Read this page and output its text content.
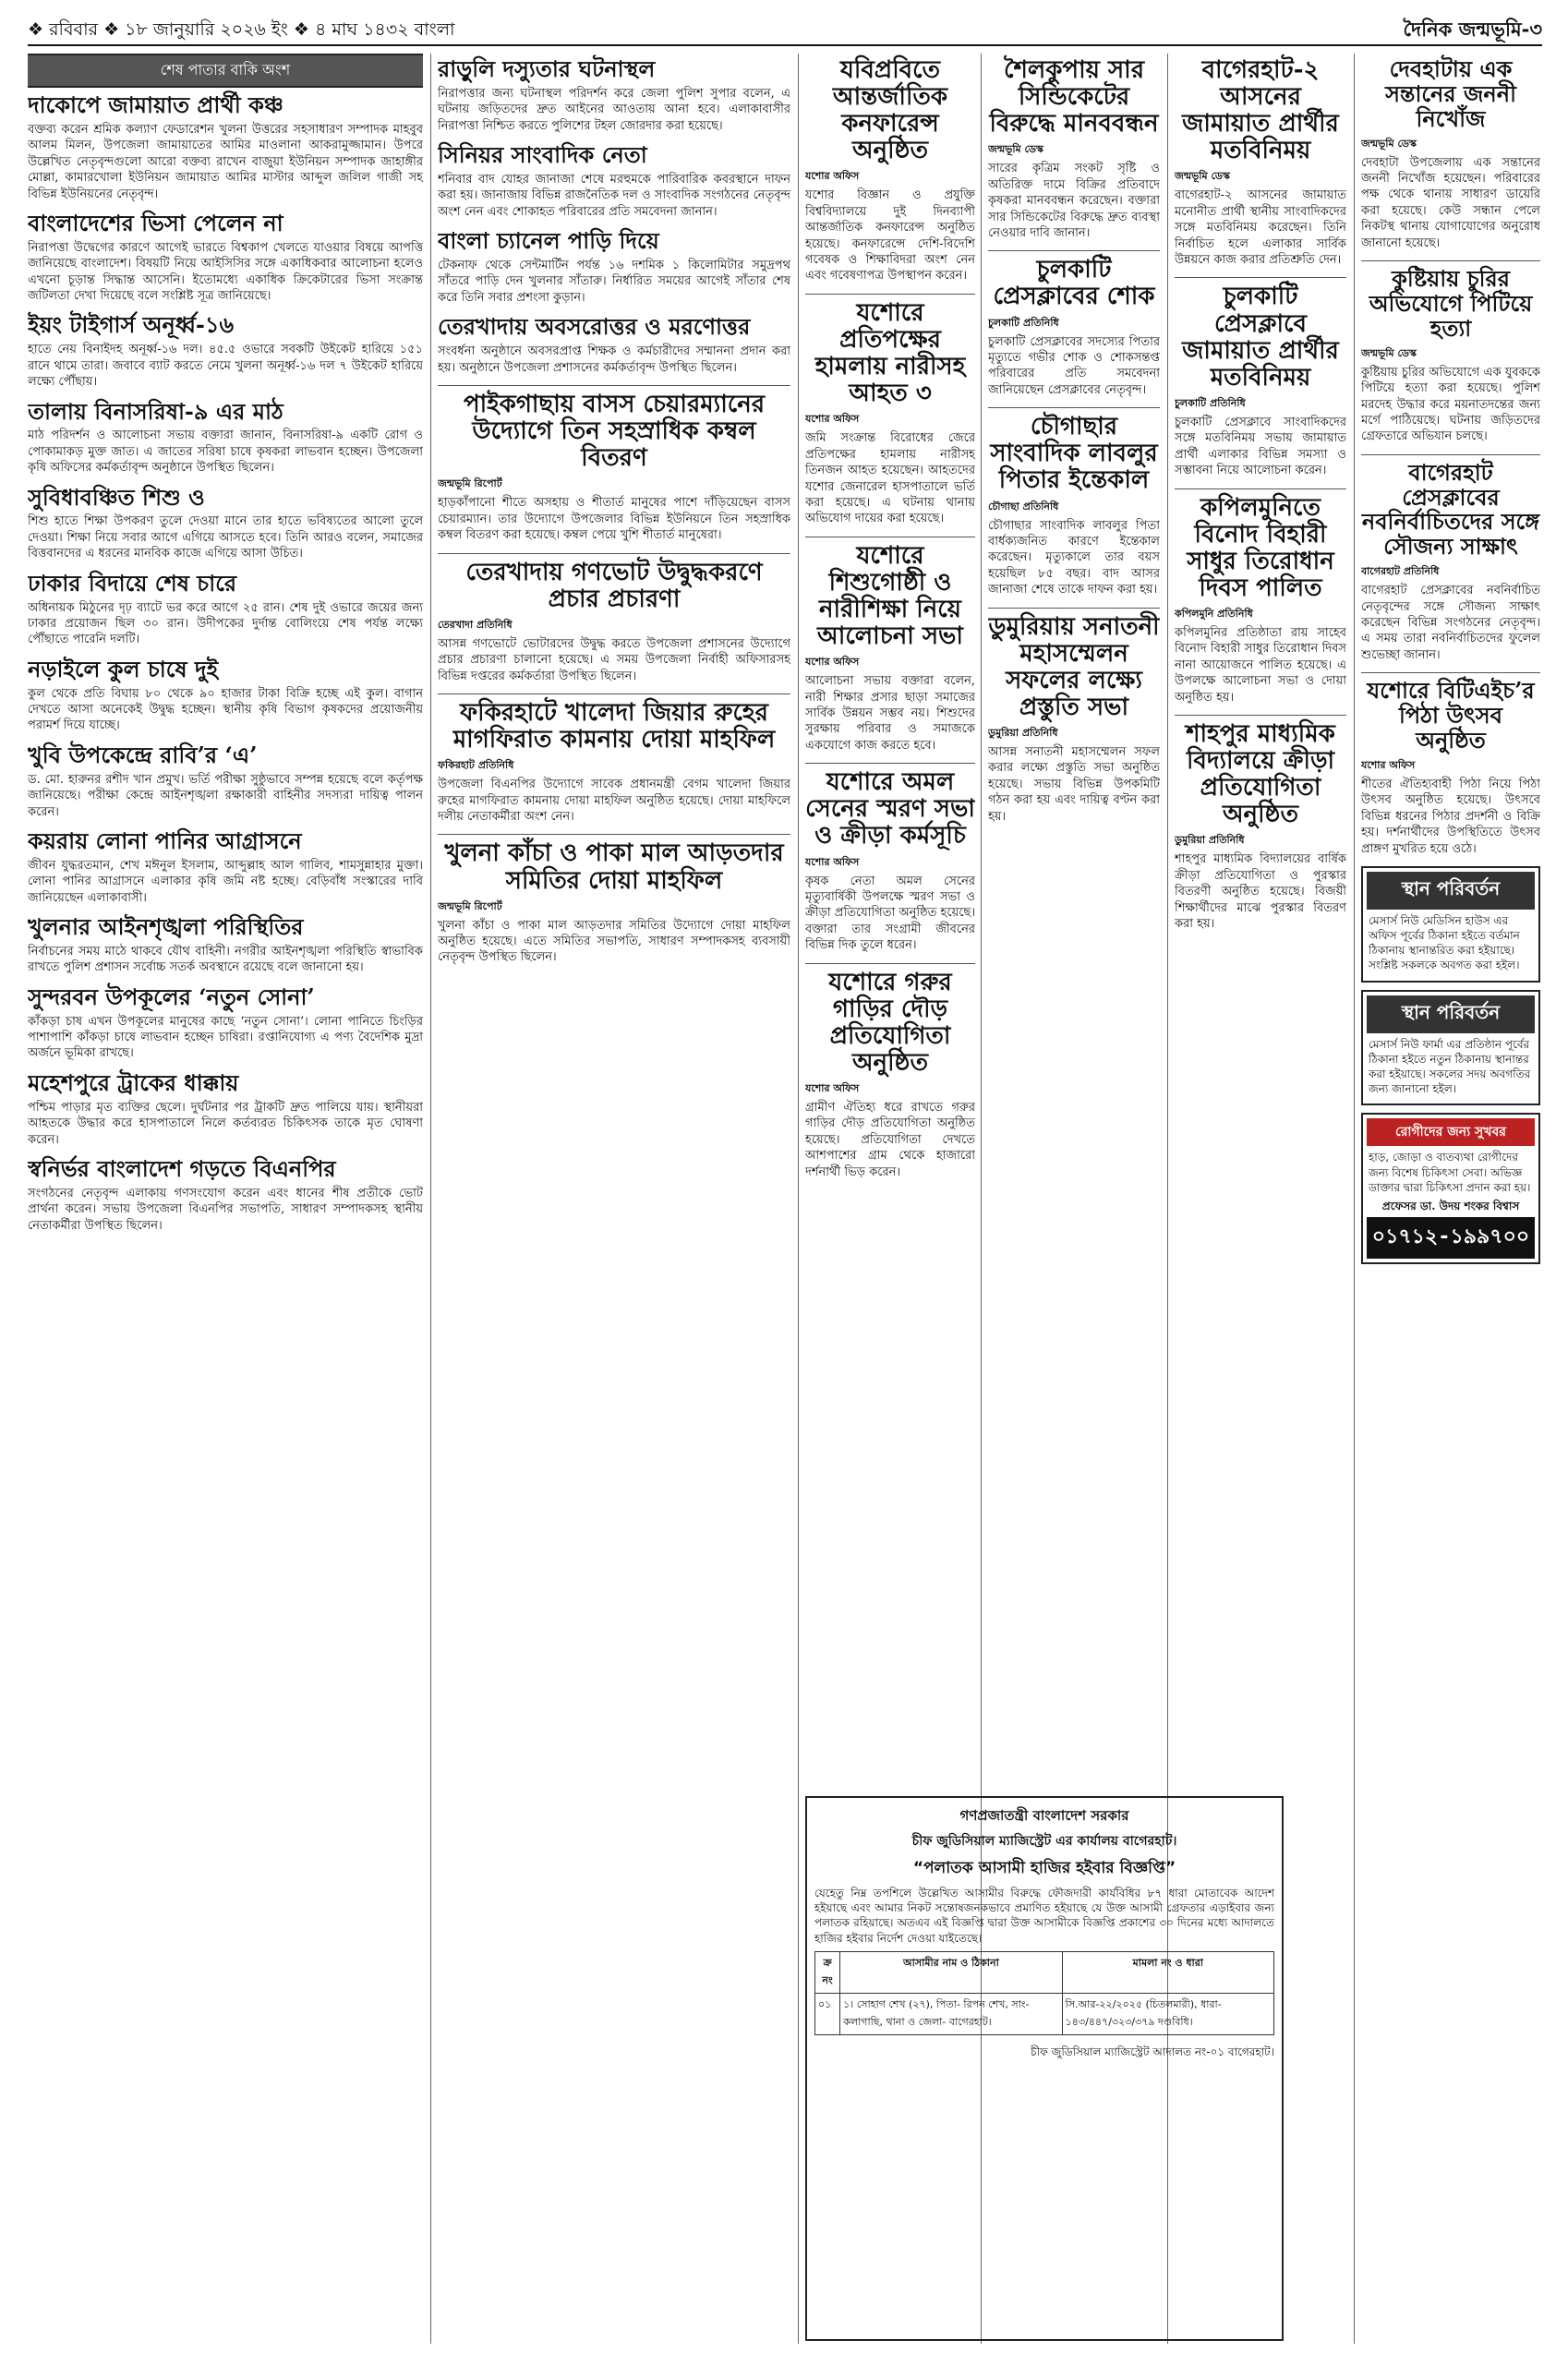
❖ রবিবার ❖ ১৮ জানুয়ারি ২০২৬ ইং ❖ ৪ মাঘ ১৪৩২ বাংলা	দৈনিক জন্মভূমি-৩
শেষ পাতার বাকি অংশ
দাকোপে জামায়াত প্রার্থী কঞ্চ

বক্তব্য করেন শ্রমিক কল্যাণ ফেডারেশন খুলনা উত্তরের সহসাধারণ সম্পাদক মাহবুব আলম মিলন, উপজেলা জামায়াতের আমির মাওলানা আকরামুজ্জামান। উপরে উল্লেখিত নেতৃবৃন্দগুলো আরো বক্তব্য রাখেন বাজুয়া ইউনিয়ন সম্পাদক জাহাঙ্গীর মোল্লা, কামারখোলা ইউনিয়ন জামায়াত আমির মাস্টার আব্দুল জলিল গাজী সহ বিভিন্ন ইউনিয়নের নেতৃবৃন্দ।

বাংলাদেশের ভিসা পেলেন না

নিরাপত্তা উদ্বেগের কারণে আগেই ভারতে বিশ্বকাপ খেলতে যাওয়ার বিষয়ে আপত্তি জানিয়েছে বাংলাদেশ। বিষয়টি নিয়ে আইসিসির সঙ্গে একাধিকবার আলোচনা হলেও এখনো চূড়ান্ত সিদ্ধান্ত আসেনি। ইতোমধ্যে একাধিক ক্রিকেটারের ভিসা সংক্রান্ত জটিলতা দেখা দিয়েছে বলে সংশ্লিষ্ট সূত্র জানিয়েছে।

ইয়ং টাইগার্স অনূর্ধ্ব-১৬

হাতে নেয় বিনাইদহ অনূর্ধ্ব-১৬ দল। ৪৫.৫ ওভারে সবকটি উইকেট হারিয়ে ১৫১ রানে থামে তারা। জবাবে ব্যাট করতে নেমে খুলনা অনূর্ধ্ব-১৬ দল ৭ উইকেট হারিয়ে লক্ষ্যে পৌঁছায়।

তালায় বিনাসরিষা-৯ এর মাঠ

মাঠ পরিদর্শন ও আলোচনা সভায় বক্তারা জানান, বিনাসরিষা-৯ একটি রোগ ও পোকামাকড় মুক্ত জাত। এ জাতের সরিষা চাষে কৃষকরা লাভবান হচ্ছেন। উপজেলা কৃষি অফিসের কর্মকর্তাবৃন্দ অনুষ্ঠানে উপস্থিত ছিলেন।

সুবিধাবঞ্চিত শিশু ও

শিশু হাতে শিক্ষা উপকরণ তুলে দেওয়া মানে তার হাতে ভবিষ্যতের আলো তুলে দেওয়া। শিক্ষা নিয়ে সবার আগে এগিয়ে আসতে হবে। তিনি আরও বলেন, সমাজের বিত্তবানদের এ ধরনের মানবিক কাজে এগিয়ে আসা উচিত।

ঢাকার বিদায়ে শেষ চারে

অধিনায়ক মিঠুনের দৃঢ় ব্যাটে ভর করে আগে ২৫ রান। শেষ দুই ওভারে জয়ের জন্য ঢাকার প্রয়োজন ছিল ৩০ রান। উদীপকের দুর্দান্ত বোলিংয়ে শেষ পর্যন্ত লক্ষ্যে পৌঁছাতে পারেনি দলটি।

নড়াইলে কুল চাষে দুই

কুল থেকে প্রতি বিঘায় ৮০ থেকে ৯০ হাজার টাকা বিক্রি হচ্ছে এই কুল। বাগান দেখতে আসা অনেকেই উদ্বুদ্ধ হচ্ছেন। স্থানীয় কৃষি বিভাগ কৃষকদের প্রয়োজনীয় পরামর্শ দিয়ে যাচ্ছে।

খুবি উপকেন্দ্রে রাবি’র ‘এ’

ড. মো. হারুনর রশীদ খান প্রমুখ। ভর্তি পরীক্ষা সুষ্ঠুভাবে সম্পন্ন হয়েছে বলে কর্তৃপক্ষ জানিয়েছে। পরীক্ষা কেন্দ্রে আইনশৃঙ্খলা রক্ষাকারী বাহিনীর সদস্যরা দায়িত্ব পালন করেন।

কয়রায় লোনা পানির আগ্রাসনে

জীবন যুদ্ধরতমান, শেখ মঈনুল ইসলাম, আব্দুল্লাহ আল গালিব, শামসুন্নাহার মুক্তা। লোনা পানির আগ্রাসনে এলাকার কৃষি জমি নষ্ট হচ্ছে। বেড়িবাঁধ সংস্কারের দাবি জানিয়েছেন এলাকাবাসী।

খুলনার আইনশৃঙ্খলা পরিস্থিতির

নির্বাচনের সময় মাঠে থাকবে যৌথ বাহিনী। নগরীর আইনশৃঙ্খলা পরিস্থিতি স্বাভাবিক রাখতে পুলিশ প্রশাসন সর্বোচ্চ সতর্ক অবস্থানে রয়েছে বলে জানানো হয়।

সুন্দরবন উপকূলের ‘নতুন সোনা’

কাঁকড়া চাষ এখন উপকূলের মানুষের কাছে ‘নতুন সোনা’। লোনা পানিতে চিংড়ির পাশাপাশি কাঁকড়া চাষে লাভবান হচ্ছেন চাষিরা। রপ্তানিযোগ্য এ পণ্য বৈদেশিক মুদ্রা অর্জনে ভূমিকা রাখছে।

মহেশপুরে ট্রাকের ধাক্কায়

পশ্চিম পাড়ার মৃত ব্যক্তির ছেলে। দুর্ঘটনার পর ট্রাকটি দ্রুত পালিয়ে যায়। স্থানীয়রা আহতকে উদ্ধার করে হাসপাতালে নিলে কর্তব্যরত চিকিৎসক তাকে মৃত ঘোষণা করেন।

স্বনির্ভর বাংলাদেশ গড়তে বিএনপির

সংগঠনের নেতৃবৃন্দ এলাকায় গণসংযোগ করেন এবং ধানের শীষ প্রতীকে ভোট প্রার্থনা করেন। সভায় উপজেলা বিএনপির সভাপতি, সাধারণ সম্পাদকসহ স্থানীয় নেতাকর্মীরা উপস্থিত ছিলেন।

রাড়ুলি দস্যুতার ঘটনাস্থল

নিরাপত্তার জন্য ঘটনাস্থল পরিদর্শন করে জেলা পুলিশ সুপার বলেন, এ ঘটনায় জড়িতদের দ্রুত আইনের আওতায় আনা হবে। এলাকাবাসীর নিরাপত্তা নিশ্চিত করতে পুলিশের টহল জোরদার করা হয়েছে।

সিনিয়র সাংবাদিক নেতা

শনিবার বাদ যোহর জানাজা শেষে মরহুমকে পারিবারিক কবরস্থানে দাফন করা হয়। জানাজায় বিভিন্ন রাজনৈতিক দল ও সাংবাদিক সংগঠনের নেতৃবৃন্দ অংশ নেন এবং শোকাহত পরিবারের প্রতি সমবেদনা জানান।

বাংলা চ্যানেল পাড়ি দিয়ে

টেকনাফ থেকে সেন্টমার্টিন পর্যন্ত ১৬ দশমিক ১ কিলোমিটার সমুদ্রপথ সাঁতরে পাড়ি দেন খুলনার সাঁতারু। নির্ধারিত সময়ের আগেই সাঁতার শেষ করে তিনি সবার প্রশংসা কুড়ান।

তেরখাদায় অবসরোত্তর ও মরণোত্তর

সংবর্ধনা অনুষ্ঠানে অবসরপ্রাপ্ত শিক্ষক ও কর্মচারীদের সম্মাননা প্রদান করা হয়। অনুষ্ঠানে উপজেলা প্রশাসনের কর্মকর্তাবৃন্দ উপস্থিত ছিলেন।

পাইকগাছায় বাসস চেয়ারম্যানের উদ্যোগে তিন সহস্রাধিক কম্বল বিতরণ
জন্মভূমি রিপোর্ট

হাড়কাঁপানো শীতে অসহায় ও শীতার্ত মানুষের পাশে দাঁড়িয়েছেন বাসস চেয়ারম্যান। তার উদ্যোগে উপজেলার বিভিন্ন ইউনিয়নে তিন সহস্রাধিক কম্বল বিতরণ করা হয়েছে। কম্বল পেয়ে খুশি শীতার্ত মানুষেরা।

তেরখাদায় গণভোট উদ্বুদ্ধকরণে প্রচার প্রচারণা
তেরখাদা প্রতিনিধি

আসন্ন গণভোটে ভোটারদের উদ্বুদ্ধ করতে উপজেলা প্রশাসনের উদ্যোগে প্রচার প্রচারণা চালানো হয়েছে। এ সময় উপজেলা নির্বাহী অফিসারসহ বিভিন্ন দপ্তরের কর্মকর্তারা উপস্থিত ছিলেন।

ফকিরহাটে খালেদা জিয়ার রুহের মাগফিরাত কামনায় দোয়া মাহফিল
ফকিরহাট প্রতিনিধি

উপজেলা বিএনপির উদ্যোগে সাবেক প্রধানমন্ত্রী বেগম খালেদা জিয়ার রুহের মাগফিরাত কামনায় দোয়া মাহফিল অনুষ্ঠিত হয়েছে। দোয়া মাহফিলে দলীয় নেতাকর্মীরা অংশ নেন।

খুলনা কাঁচা ও পাকা মাল আড়তদার সমিতির দোয়া মাহফিল
জন্মভূমি রিপোর্ট

খুলনা কাঁচা ও পাকা মাল আড়তদার সমিতির উদ্যোগে দোয়া মাহফিল অনুষ্ঠিত হয়েছে। এতে সমিতির সভাপতি, সাধারণ সম্পাদকসহ ব্যবসায়ী নেতৃবৃন্দ উপস্থিত ছিলেন।

যবিপ্রবিতে আন্তর্জাতিক কনফারেন্স অনুষ্ঠিত
যশোর অফিস

যশোর বিজ্ঞান ও প্রযুক্তি বিশ্ববিদ্যালয়ে দুই দিনব্যাপী আন্তর্জাতিক কনফারেন্স অনুষ্ঠিত হয়েছে। কনফারেন্সে দেশি-বিদেশি গবেষক ও শিক্ষাবিদরা অংশ নেন এবং গবেষণাপত্র উপস্থাপন করেন।

যশোরে প্রতিপক্ষের হামলায় নারীসহ আহত ৩
যশোর অফিস

জমি সংক্রান্ত বিরোধের জেরে প্রতিপক্ষের হামলায় নারীসহ তিনজন আহত হয়েছেন। আহতদের যশোর জেনারেল হাসপাতালে ভর্তি করা হয়েছে। এ ঘটনায় থানায় অভিযোগ দায়ের করা হয়েছে।

যশোরে শিশুগোষ্ঠী ও নারীশিক্ষা নিয়ে আলোচনা সভা
যশোর অফিস

আলোচনা সভায় বক্তারা বলেন, নারী শিক্ষার প্রসার ছাড়া সমাজের সার্বিক উন্নয়ন সম্ভব নয়। শিশুদের সুরক্ষায় পরিবার ও সমাজকে একযোগে কাজ করতে হবে।

যশোরে অমল সেনের স্মরণ সভা ও ক্রীড়া কর্মসূচি
যশোর অফিস

কৃষক নেতা অমল সেনের মৃত্যুবার্ষিকী উপলক্ষে স্মরণ সভা ও ক্রীড়া প্রতিযোগিতা অনুষ্ঠিত হয়েছে। বক্তারা তার সংগ্রামী জীবনের বিভিন্ন দিক তুলে ধরেন।

যশোরে গরুর গাড়ির দৌড় প্রতিযোগিতা অনুষ্ঠিত
যশোর অফিস

গ্রামীণ ঐতিহ্য ধরে রাখতে গরুর গাড়ির দৌড় প্রতিযোগিতা অনুষ্ঠিত হয়েছে। প্রতিযোগিতা দেখতে আশপাশের গ্রাম থেকে হাজারো দর্শনার্থী ভিড় করেন।

শৈলকুপায় সার সিন্ডিকেটের বিরুদ্ধে মানববন্ধন
জন্মভূমি ডেস্ক

সারের কৃত্রিম সংকট সৃষ্টি ও অতিরিক্ত দামে বিক্রির প্রতিবাদে কৃষকরা মানববন্ধন করেছেন। বক্তারা সার সিন্ডিকেটের বিরুদ্ধে দ্রুত ব্যবস্থা নেওয়ার দাবি জানান।

চুলকাটি প্রেসক্লাবের শোক
চুলকাটি প্রতিনিধি

চুলকাটি প্রেসক্লাবের সদস্যের পিতার মৃত্যুতে গভীর শোক ও শোকসন্তপ্ত পরিবারের প্রতি সমবেদনা জানিয়েছেন প্রেসক্লাবের নেতৃবৃন্দ।

চৌগাছার সাংবাদিক লাবলুর পিতার ইন্তেকাল
চৌগাছা প্রতিনিধি

চৌগাছার সাংবাদিক লাবলুর পিতা বার্ধক্যজনিত কারণে ইন্তেকাল করেছেন। মৃত্যুকালে তার বয়স হয়েছিল ৮৫ বছর। বাদ আসর জানাজা শেষে তাকে দাফন করা হয়।

ডুমুরিয়ায় সনাতনী মহাসম্মেলন সফলের লক্ষ্যে প্রস্তুতি সভা
ডুমুরিয়া প্রতিনিধি

আসন্ন সনাতনী মহাসম্মেলন সফল করার লক্ষ্যে প্রস্তুতি সভা অনুষ্ঠিত হয়েছে। সভায় বিভিন্ন উপকমিটি গঠন করা হয় এবং দায়িত্ব বণ্টন করা হয়।

বাগেরহাট-২ আসনের জামায়াত প্রার্থীর মতবিনিময়
জন্মভূমি ডেস্ক

বাগেরহাট-২ আসনের জামায়াত মনোনীত প্রার্থী স্থানীয় সাংবাদিকদের সঙ্গে মতবিনিময় করেছেন। তিনি নির্বাচিত হলে এলাকার সার্বিক উন্নয়নে কাজ করার প্রতিশ্রুতি দেন।

চুলকাটি প্রেসক্লাবে জামায়াত প্রার্থীর মতবিনিময়
চুলকাটি প্রতিনিধি

চুলকাটি প্রেসক্লাবে সাংবাদিকদের সঙ্গে মতবিনিময় সভায় জামায়াত প্রার্থী এলাকার বিভিন্ন সমস্যা ও সম্ভাবনা নিয়ে আলোচনা করেন।

কপিলমুনিতে বিনোদ বিহারী সাধুর তিরোধান দিবস পালিত
কপিলমুনি প্রতিনিধি

কপিলমুনির প্রতিষ্ঠাতা রায় সাহেব বিনোদ বিহারী সাধুর তিরোধান দিবস নানা আয়োজনে পালিত হয়েছে। এ উপলক্ষে আলোচনা সভা ও দোয়া অনুষ্ঠিত হয়।

শাহপুর মাধ্যমিক বিদ্যালয়ে ক্রীড়া প্রতিযোগিতা অনুষ্ঠিত
ডুমুরিয়া প্রতিনিধি

শাহপুর মাধ্যমিক বিদ্যালয়ের বার্ষিক ক্রীড়া প্রতিযোগিতা ও পুরস্কার বিতরণী অনুষ্ঠিত হয়েছে। বিজয়ী শিক্ষার্থীদের মাঝে পুরস্কার বিতরণ করা হয়।

দেবহাটায় এক সন্তানের জননী নিখোঁজ
জন্মভূমি ডেস্ক

দেবহাটা উপজেলায় এক সন্তানের জননী নিখোঁজ হয়েছেন। পরিবারের পক্ষ থেকে থানায় সাধারণ ডায়েরি করা হয়েছে। কেউ সন্ধান পেলে নিকটস্থ থানায় যোগাযোগের অনুরোধ জানানো হয়েছে।

কুষ্টিয়ায় চুরির অভিযোগে পিটিয়ে হত্যা
জন্মভূমি ডেস্ক

কুষ্টিয়ায় চুরির অভিযোগে এক যুবককে পিটিয়ে হত্যা করা হয়েছে। পুলিশ মরদেহ উদ্ধার করে ময়নাতদন্তের জন্য মর্গে পাঠিয়েছে। ঘটনায় জড়িতদের গ্রেফতারে অভিযান চলছে।

বাগেরহাট প্রেসক্লাবের নবনির্বাচিতদের সঙ্গে সৌজন্য সাক্ষাৎ
বাগেরহাট প্রতিনিধি

বাগেরহাট প্রেসক্লাবের নবনির্বাচিত নেতৃবৃন্দের সঙ্গে সৌজন্য সাক্ষাৎ করেছেন বিভিন্ন সংগঠনের নেতৃবৃন্দ। এ সময় তারা নবনির্বাচিতদের ফুলেল শুভেচ্ছা জানান।

যশোরে বিটিএইচ’র পিঠা উৎসব অনুষ্ঠিত
যশোর অফিস

শীতের ঐতিহ্যবাহী পিঠা নিয়ে পিঠা উৎসব অনুষ্ঠিত হয়েছে। উৎসবে বিভিন্ন ধরনের পিঠার প্রদর্শনী ও বিক্রি হয়। দর্শনার্থীদের উপস্থিতিতে উৎসব প্রাঙ্গণ মুখরিত হয়ে ওঠে।

স্থান পরিবর্তন

মেসার্স নিউ মেডিসিন হাউস এর অফিস পূর্বের ঠিকানা হইতে বর্তমান ঠিকানায় স্থানান্তরিত করা হইয়াছে। সংশ্লিষ্ট সকলকে অবগত করা হইল।

স্থান পরিবর্তন

মেসার্স নিউ ফার্মা এর প্রতিষ্ঠান পূর্বের ঠিকানা হইতে নতুন ঠিকানায় স্থানান্তর করা হইয়াছে। সকলের সদয় অবগতির জন্য জানানো হইল।

রোগীদের জন্য সুখবর

হাড়, জোড়া ও বাতব্যথা রোগীদের জন্য বিশেষ চিকিৎসা সেবা। অভিজ্ঞ ডাক্তার দ্বারা চিকিৎসা প্রদান করা হয়।

প্রফেসর ডা. উদয় শংকর বিশ্বাস

০১৭১২-১৯৯৭০০
গণপ্রজাতন্ত্রী বাংলাদেশ সরকার
চীফ জুডিসিয়াল ম্যাজিস্ট্রেট এর কার্যালয় বাগেরহাট।
“পলাতক আসামী হাজির হইবার বিজ্ঞপ্তি”

যেহেতু নিম্ন তপশিলে উল্লেখিত আসামীর বিরুদ্ধে ফৌজদারী কার্যবিধির ৮৭ ধারা মোতাবেক আদেশ হইয়াছে এবং আমার নিকট সন্তোষজনকভাবে প্রমাণিত হইয়াছে যে উক্ত আসামী গ্রেফতার এড়াইবার জন্য পলাতক রহিয়াছে। অতএব এই বিজ্ঞপ্তি দ্বারা উক্ত আসামীকে বিজ্ঞপ্তি প্রকাশের ৩০ দিনের মধ্যে আদালতে হাজির হইবার নির্দেশ দেওয়া যাইতেছে।

ক্র নং	আসামীর নাম ও ঠিকানা	মামলা নং ও ধারা
০১	১। সোহাগ শেখ (২৭), পিতা- রিপন শেখ, সাং- কলাগাছি, থানা ও জেলা- বাগেরহাট।	সি.আর-২২/২০২৫ (চিতলমারী), ধারা- ১৪৩/৪৪৭/৩২৩/৩৭৯ দণ্ডবিধি।
চীফ জুডিসিয়াল ম্যাজিস্ট্রেট আদালত নং-০১ বাগেরহাট।
